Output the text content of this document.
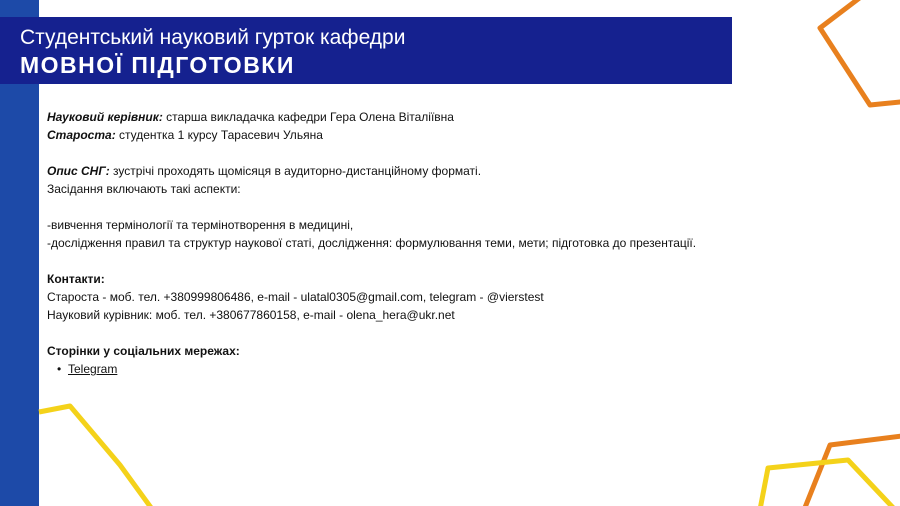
Студентський науковий гурток кафедри
МОВНОЇ ПІДГОТОВКИ

Науковий керівник: старша викладачка кафедри Гера Олена Віталіївна

Староста: студентка 1 курсу Тарасевич Ульяна

Опис СНГ: зустрічі проходять щомісяця в аудиторно-дистанційному форматі.

Засідання включають такі аспекти:

-вивчення термінології та термінотворення в медицині,

-дослідження правил та структур наукової статі, дослідження: формулювання теми, мети; підготовка до презентації.

Контакти:

Староста - моб. тел. +380999806486, e-mail - ulatal0305@gmail.com, telegram - @vierstest

Науковий курівник: моб. тел. +380677860158, e-mail - olena_hera@ukr.net

Сторінки у соціальних мережах:

• Telegram
